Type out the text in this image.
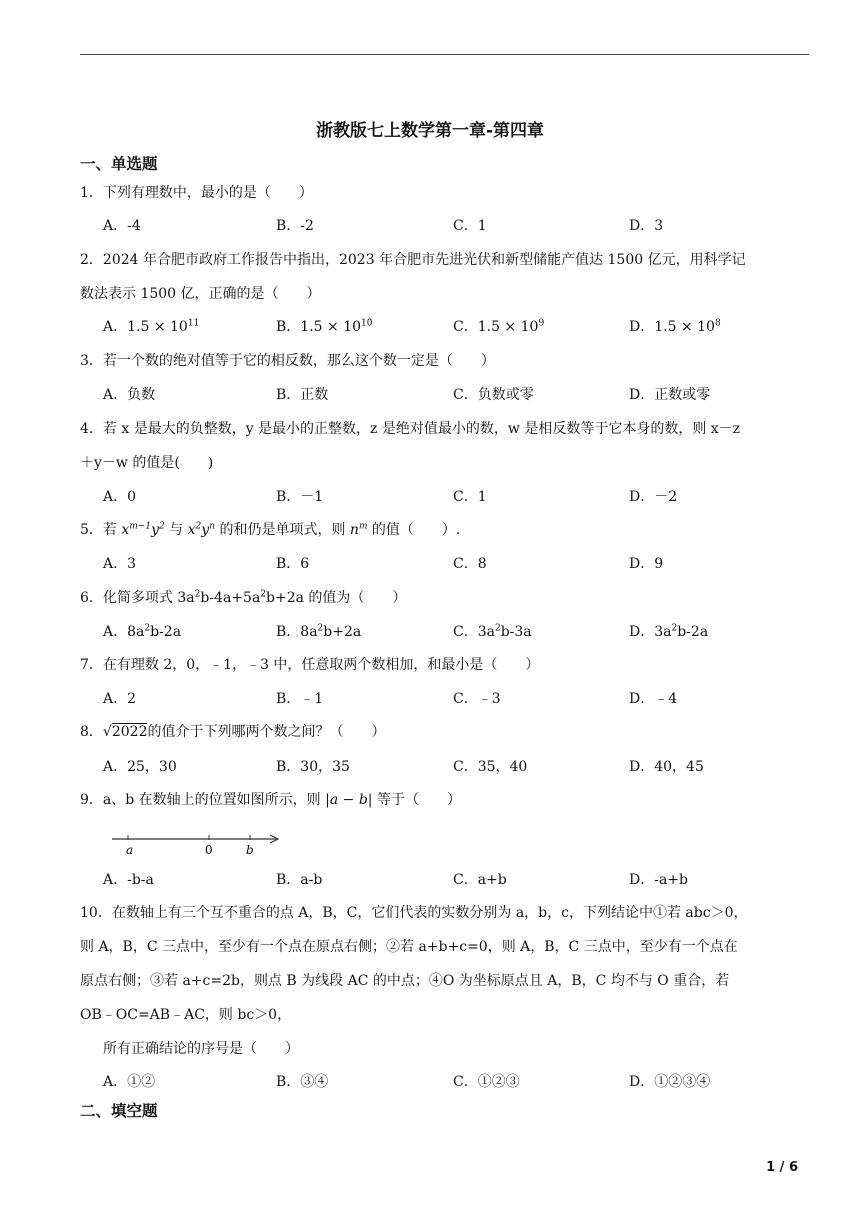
浙教版七上数学第一章-第四章
一、单选题
1．下列有理数中，最小的是（　　）
A．-4	B．-2	C．1	D．3
2．2024 年合肥市政府工作报告中指出，2023 年合肥市先进光伏和新型储能产值达 1500 亿元，用科学记
数法表示 1500 亿，正确的是（　　）
A．$1.5 \times 10^{11}$	B．$1.5 \times 10^{10}$	C．$1.5 \times 10^9$	D．$1.5 \times 10^8$
3．若一个数的绝对值等于它的相反数，那么这个数一定是（　　）
A．负数	B．正数	C．负数或零	D．正数或零
4．若 x 是最大的负整数，y 是最小的正整数，z 是绝对值最小的数，w 是相反数等于它本身的数，则 x－z
＋y－w 的值是(　　)
A．0	B．－1	C．1	D．－2
5．若 $x^{m-1}y^2$ 与 $x^2y^n$ 的和仍是单项式，则 $n^m$ 的值（　　）.
A．3	B．6	C．8	D．9
6．化简多项式 $3a^2b-4a+5a^2b+2a$ 的值为（　　）
A．$8a^2b-2a$	B．$8a^2b+2a$	C．$3a^2b-3a$	D．$3a^2b-2a$
7．在有理数 2，0，﹣1，﹣3 中，任意取两个数相加，和最小是（　　）
A．2	B．﹣1	C．﹣3	D．﹣4
8．√2022的值介于下列哪两个数之间？（　　）
A．25，30	B．30，35	C．35，40	D．40，45
9．a、b 在数轴上的位置如图所示，则 |a − b| 等于（　　）
a	0	b
A．-b-a	B．a-b	C．a+b	D．-a+b
10．在数轴上有三个互不重合的点 A，B，C，它们代表的实数分别为 a，b，c，下列结论中①若 abc＞0，
则 A，B，C 三点中，至少有一个点在原点右侧；②若 a+b+c=0，则 A，B，C 三点中，至少有一个点在
原点右侧；③若 a+c=2b，则点 B 为线段 AC 的中点；④O 为坐标原点且 A，B，C 均不与 O 重合，若
OB﹣OC=AB﹣AC，则 bc＞0，
所有正确结论的序号是（　　）
A．①②	B．③④	C．①②③	D．①②③④
二、填空题
1 / 6
